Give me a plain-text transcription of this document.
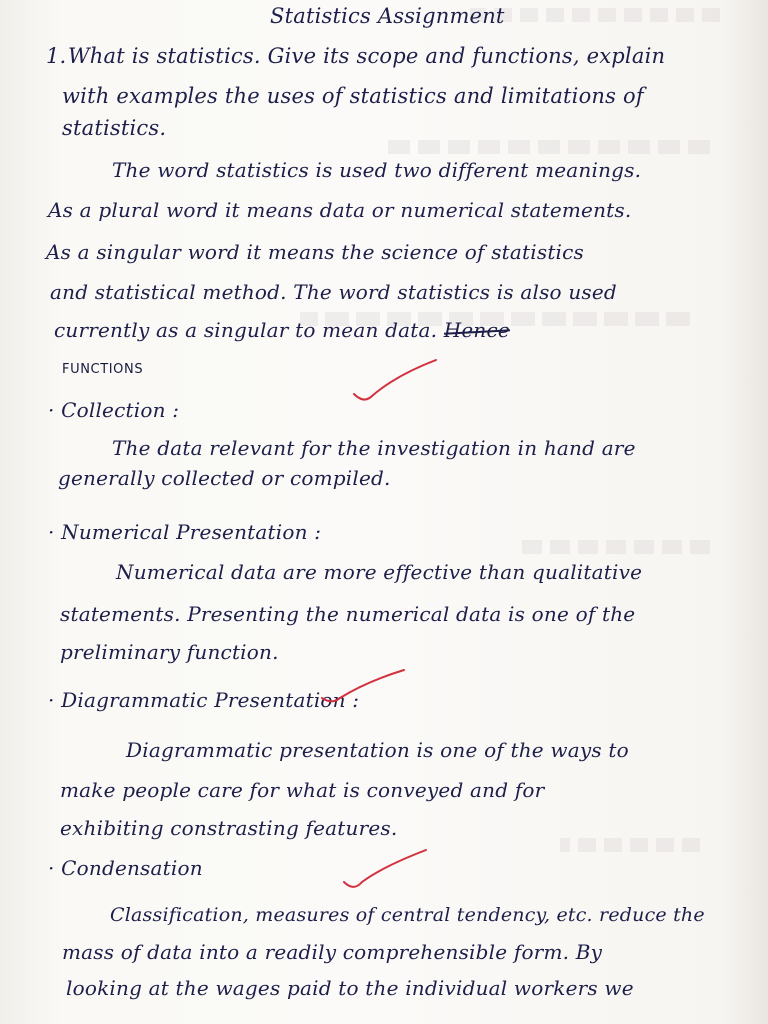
Statistics Assignment
1. What is statistics. Give its scope and functions, explain
with examples the uses of statistics and limitations of
statistics.
The word statistics is used two different meanings.
As a plural word it means data or numerical statements.
As a singular word it means the science of statistics
and statistical method. The word statistics is also used
currently as a singular to mean data. Hence
FUNCTIONS
· Collection :
The data relevant for the investigation in hand are
generally collected or compiled.
· Numerical Presentation :
Numerical data are more effective than qualitative
statements. Presenting the numerical data is one of the
preliminary function.
· Diagrammatic Presentation :
Diagrammatic presentation is one of the ways to
make people care for what is conveyed and for
exhibiting constrasting features.
· Condensation
Classification, measures of central tendency, etc. reduce the
mass of data into a readily comprehensible form. By
looking at the wages paid to the individual workers we
